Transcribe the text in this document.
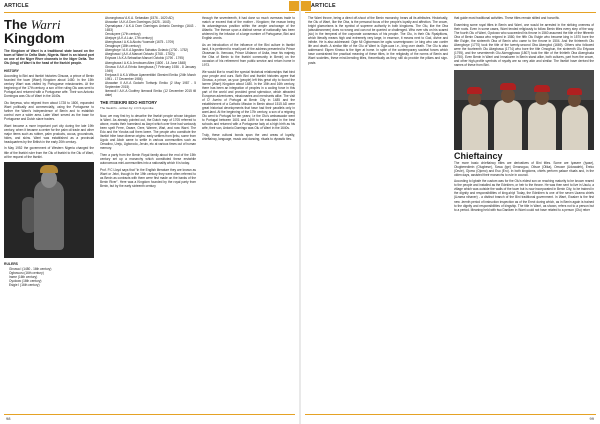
ARTICLE
The Warri
Kingdom

The Kingdom of Warri is a traditional state based on the town of Warri in Delta State, Nigeria. Warri is an island port on one of the Niger River channels in the Niger Delta. The Olu (king) of Warri is the head of the Itsekiri people.

HISTORY

According to Bini and Itsekiri histories Ginuwa, a prince of Benin founded the town (Warri) Kingdom about 1480. In the 15th century Warri was visited by Portuguese missionaries. At the beginning of the 17th century, a son of the ruling Olu was sent to Portugal and returned with a Portuguese wife. Their son Antonio Domingos was Olu of Warri in the 1640s.

Olu Ikeyewa, who reigned from about 1728 to 1800, expanded Warri politically and commercially, using the Portuguese to further the Warri's independence of Benin and to establish control over a wider area. Later Warri served as the base for Portuguese and Dutch slave traders.

Warri became a more important port city during the late 19th century, when it became a center for the palm oil trade and other major items such as rubber, palm products, cocoa, groundnuts, hides, and skins. Warri was established as a provincial headquarters by the British in the early 20th century.

In May 1952 the government of Western Nigeria changed the title of the Itsekiri ruler from the Olu of Itsekiri to the Olu of Warri, at the request of the Itsekiri.

RULERS

• Ginuwa I (1480 - 16th century)
• Ogbowuru (16th century)
• Irame (16th century)
• Oyolowo (16th century)
• Esigie I (16th century)
• Atorongbowo/ A.K.A. Sebastian (1576 - 1620 AD)
• Atuwatse I A.K.A Dom Domingos (1625 - 1643)
• Oyenakpara / A.K.A Dom Domingos Antonio Domingo (1643 - 1653)
• Omoluyere (17th century)
• Abejoye (A.K.A Luiz, 17th century)
• Akengbuwa I A.K.A Akobu Yuomale (1675 - 1709)
• Omagboye (18th century)
• Akengboye I A.K.A Agostino Salvatus Octavio (1730 - 1752)
• Akegbuwa I (A.K.A Manuel Octavio (1768 - 1782))
• Eriyowa I A.K.A Sebastian Manuel Octobio (1790 - 1795)
• Akengbuwa I A.K.A Jeroboam Aitex (1800 - 14 June 1848)
• Ginuwa II A.K.A Erinko Ikengbuwa (7 February 1936 - 8 January 1949)
• Erejuwa II A.K.A Wilson Ayamentikbi Gbesimi Emiko (24th March 1951 - 17 December 1986)
• Atuwatse II A.K.A Godwin Toritseju Emiko (2 May 1987 - 5 September 2015)
• Ikenwoli I A.K.A Godfrey Ikenwoli Emiko (12 December 2015 till date)
THE ITSEKIRI EDO HISTORY

The Itsekiri's - written by: J.O.S Ayomike

Now, we may first try to describe the Itsekiri people whose kingdom is Warri. As already pointed out, the Dutch map of 1705 referred to above, marks their homeland as Awyri which over time had variously been spelt Ferre, Oware, Oere, Warree, Wari, and now Warri. The Edo and the Yoruba call them Iwere. The people who constitute the Itsekiri tribe have diverse origins: early settlers from Ijebu, some from Ugolo and Aboh came to settle in various communities such as Omadino, Ureju, Ugborodo, Jeruin, etc at various times out of human memory.

Then a party from the Benin Royal family about the end of the 15th century set up a monarchy which constituted these erstwhile autonomous mini-communities into a nationality which it is today.

Prof. P.C Lloyd says that "in the English literature they are known as Warri or Jekri, though in the 19th century they were often referred to as Benin as contracts with them were first made on the banks of the Benin River". Here was a Kingdom founded by the royal party from Benin, but by the early sixteenth century

through the seventeenth, it had done so much overseas trade to match or exceed that of the mother - Kingdom; the reason being its advantageous position within the ample anchorage of the Atlantic. The thence upon a distinct sense of nationality has been widened by the infusion of a large number of Portuguese, Bini and English words.

As an introduction of the influence of the Bini culture in Itsekiri land, it is pertinent to recall part of the address presented to Prince Olusesan Ik. Ihenuwa, Prince Ulidaron of Usita, inwe his majesty the Oba of Benin to the Itsekiri community in Benin) on the occasion of his retirement from public service and return home in 1973.

We would like to recall the special historical relationships that bind your people and ours. Both Bini and Itsekiri histories agree that Ginuwa, a prince, as your (people) left this great city to found the Iwerre (Warri) Kingdom about 1480. In the 15th and 16th century, there has been an integration of peoples in a coding force in this part of the world and provided great splendour, which attracted European adventurers, missionaries and merchants alike. The visit of D' Aveiro of Portugal at Benin City in 1485 and the establishment of a Catholic Mission in Benin about 1515 AD were great historical developments that have had their parallels only in warri-land. At the beginning of the 17th century, a son of a reigning Olu went to Portugal for ten years; i.e the Olu's ambassador went to Portugal between 1601 and 1499 to be educated in the best schools and returned with a Portuguese lady at a high birth as his wife, their son, Antonio Domingo was Olu of Warri in the 1640s.

Truly, these cultural bonds span the vast areas of loyalty, chieftaincy, language, music and dancing, rituals to dynastic ties.

98
ARTICLE

The Warri throne, being a direct off-shoot of the Benin monarchy, bears all its attributes. Historically, the Olu of Warri, like the Oba, is the personal focus of the people's loyalty and affection. The crown, bright glamorisms is the symbol of supreme authority in both kingdoms. The Olu, like the Oba (abusidewomen) does no wrong and can not be queried or challenged. Who ever sits on his scared (sic) in the temperal of the corporate consensus of his people. The Olu, in their Olu Rpalpitions, which literally means high and extremely very large, in essence, it means next to God, divine and infinite. He is also addressed: Ogie Mi Ogbomwan be ogbu sovereignwan: i.e king who can confer life and death. A similar title of the Olu of Warri is Ogie-uwa i.e., king over death. The Olu is also addressed: Ekpen Kirawu is the tiger at home. In spite of the contemporary societal forces which have constrained the practical meaning of these titles, in the religiosity of the norms of Benin and Warri societies, these mind-bending titles, theoretically as they, still do provide the pillars and sign-posts

that guide most traditional activities. These titles remain stilted and honorific.

Examining some royal titles in Benin and Warri, one would be arrested in the striking oneness of their roots. Even in some cases, Warri tended religiously to follow Benin titles every step of the way. The fourth Olu of Warri, Oyolowo who succeeded his throne in 1560 assumed the title of the fifteenth Oba of Benin Osawa who reigned in 1580, the fifth Olu Esigie who became king in 1570 bore the title Esigie, the sixteenth Oba of Benin who came to the throne in 1504. And the thirteenth Olu Akengboye (1770) took the title of the twenty-second Oba Akengboi (1669). Others who followed were the fourteenth Olu Akegbuwa (1774) who bore the title Omoghun, the sixteenth Olu Eriyowa (1795), and the seventeenth Olu Akenggbuwa (1807) took the title of the thirtieth Oba Akengbuda (1750). Even Benin in Warri and Imnakuren in Benin stand alike, both cultures, part from the crown, and other high-profile symbols of royalty are so very akin and similar. The Itsekiri have derived the names of these from Bini.

Chieftaincy

The more basic chieftaincy titles are derivatives of Bini titles. Some are Iyasere (Iyase), Olugberedimin (Olugbese), Sowa (ige) Omanoguo, Olisoe (Olika), Omuwe (Uduwaleh), Ereko (Orule), Ojomo (Ojomo) and Eso (Ero). In both kingdoms, chiefs perform palace rituals and, in the olden days, assisted their monarchs to rule in council.

According to Igbafe the custom was for the Olu's eldest son on reaching maturity to be known reared to the people and installed as the Edekiren, or heir to the throne. He was then sent to live in Usulu, a village which was outside the walls of the town but is now incorporated in Benin City, to be trained in the dignity and responsibilities of king-ship! Today, the Edekiren is one of the seven Uzama chiefs (Uzama nihaner) - a distinct branch of the Bini traditional government. In Warri, Ewaker is the first new -leenth period of instruction inspection as of the Erect during which, as in Benin again is trained to the dignity and responsibilities of kingship. The title in Warri, as shown, refers not to a person but to a period. Meaning held with two Daniken in Warri could not have related to a person (Olu) reker

99
